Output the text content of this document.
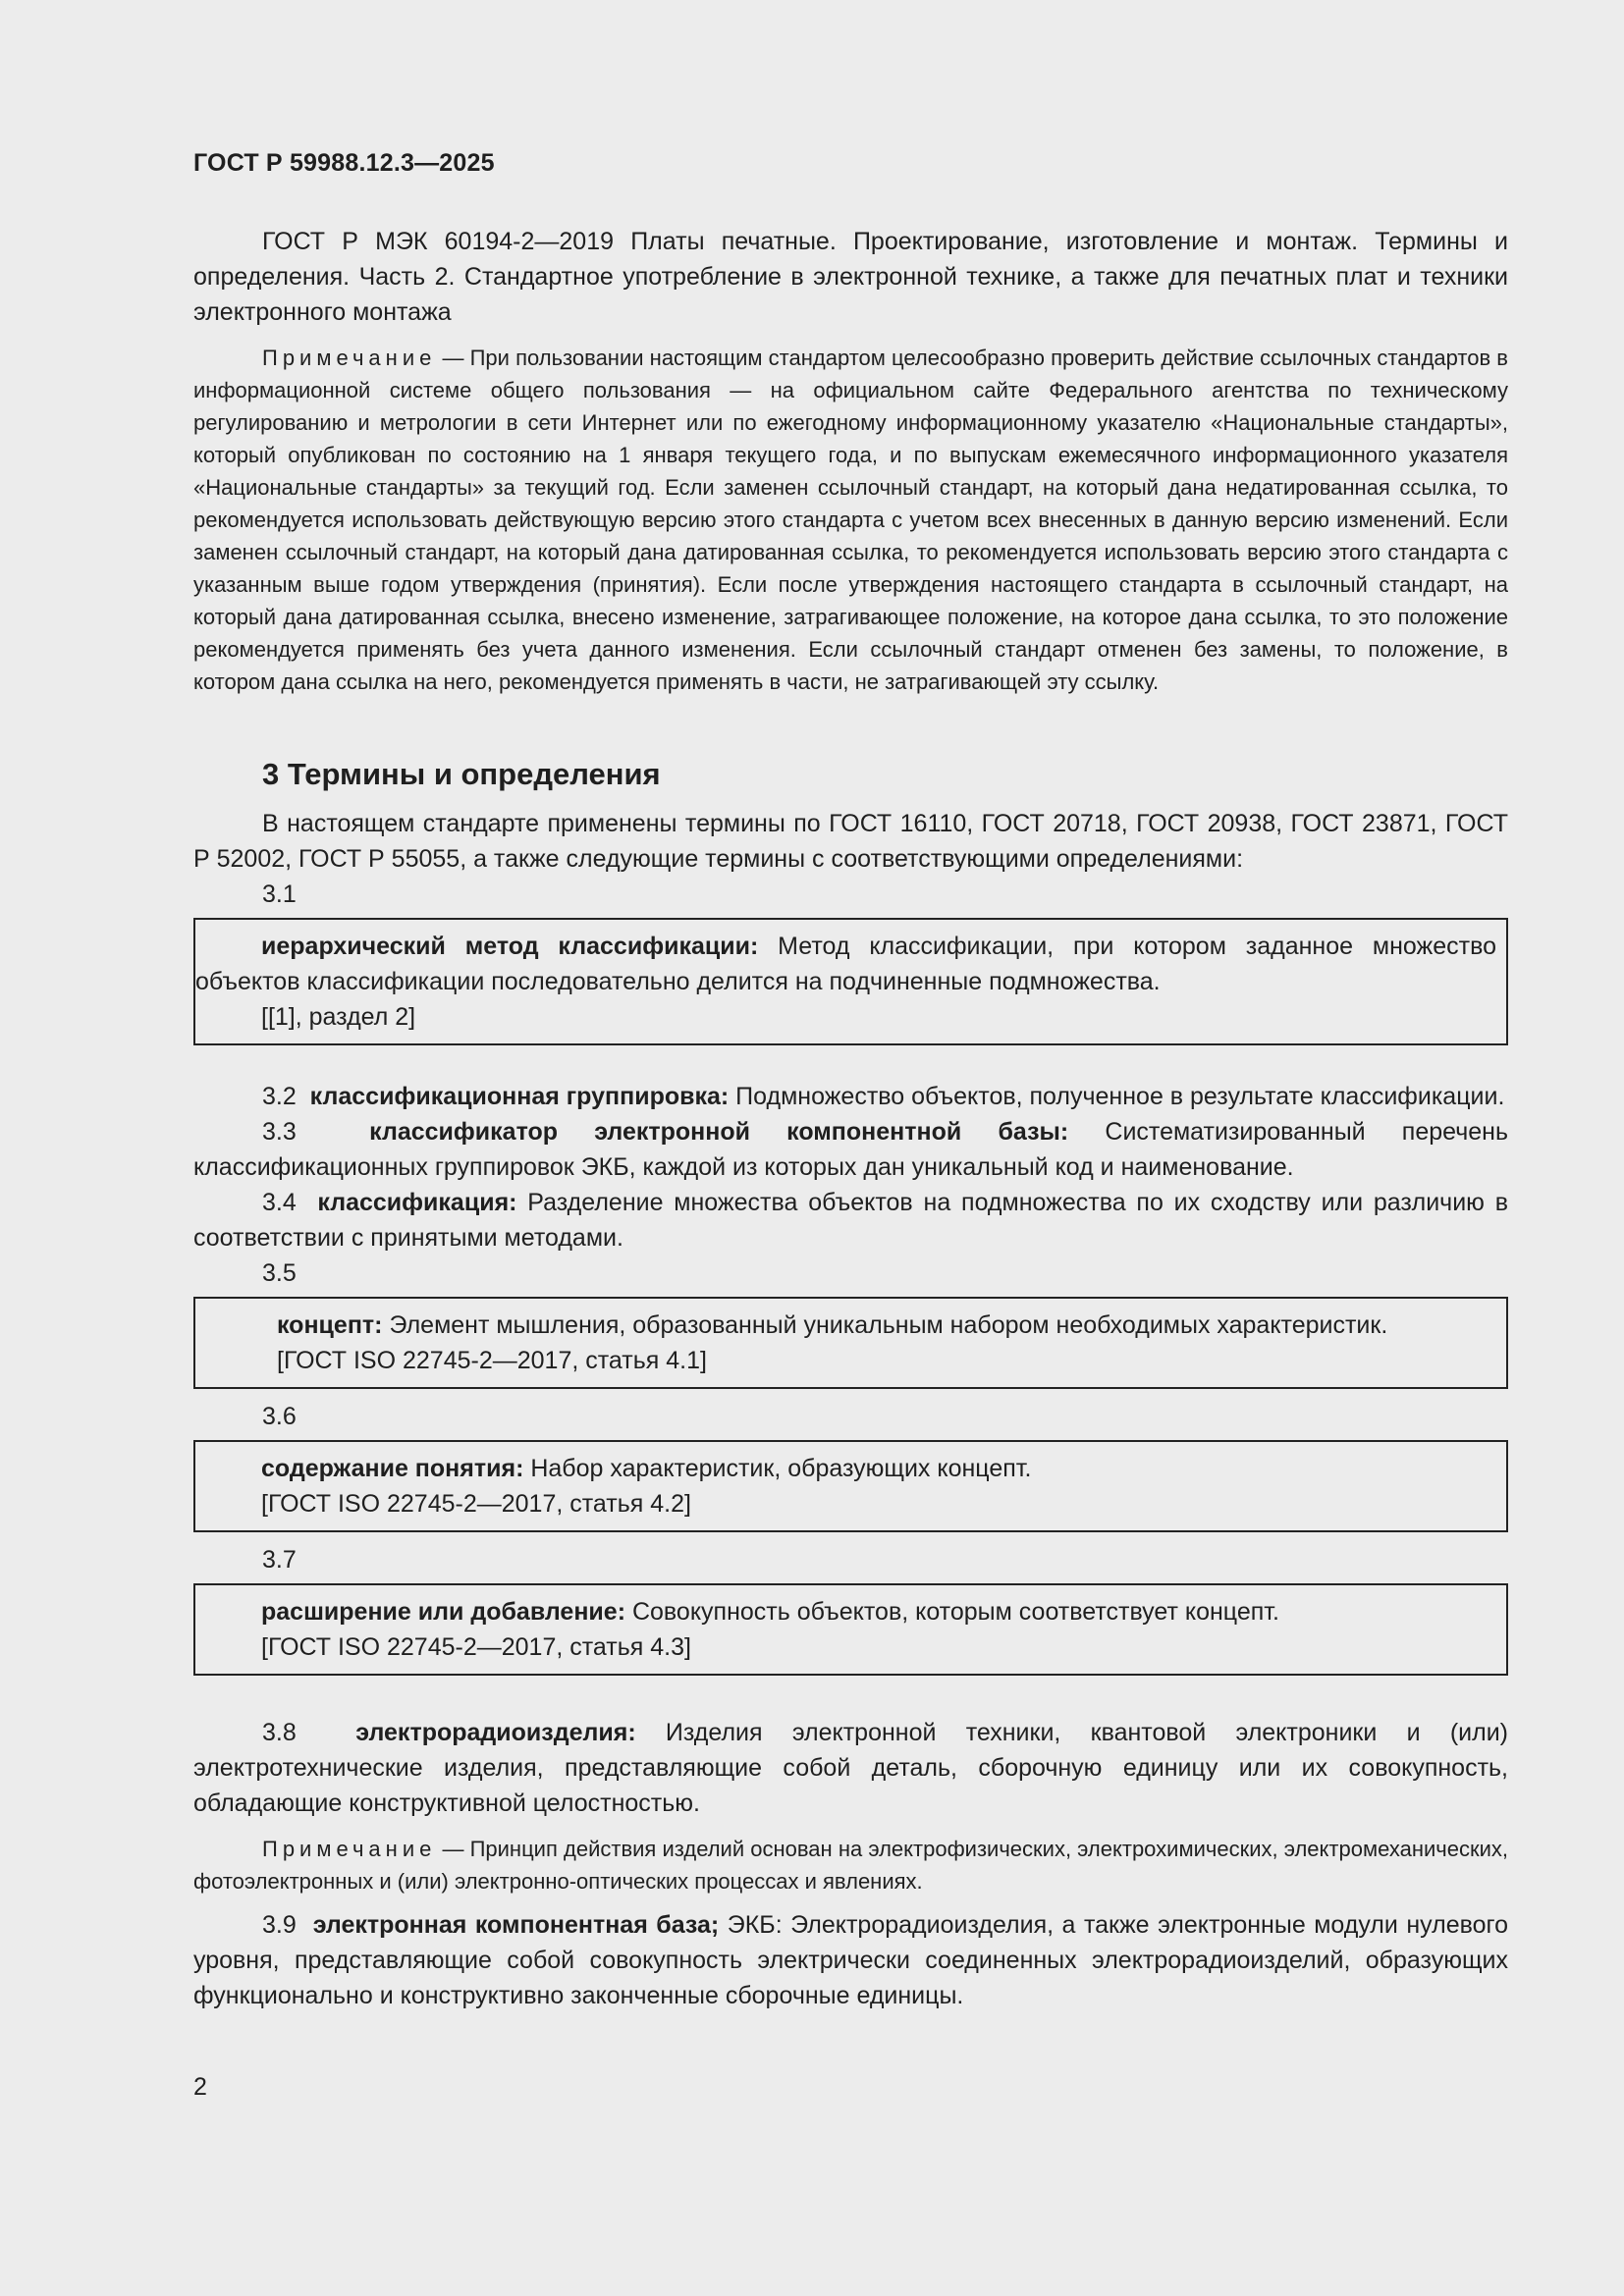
ГОСТ Р 59988.12.3—2025

ГОСТ Р МЭК 60194-2—2019 Платы печатные. Проектирование, изготовление и монтаж. Термины и определения. Часть 2. Стандартное употребление в электронной технике, а также для печатных плат и техники электронного монтажа

Примечание — При пользовании настоящим стандартом целесообразно проверить действие ссылочных стандартов в информационной системе общего пользования — на официальном сайте Федерального агентства по техническому регулированию и метрологии в сети Интернет или по ежегодному информационному указателю «Национальные стандарты», который опубликован по состоянию на 1 января текущего года, и по выпускам ежемесячного информационного указателя «Национальные стандарты» за текущий год. Если заменен ссылочный стандарт, на который дана недатированная ссылка, то рекомендуется использовать действующую версию этого стандарта с учетом всех внесенных в данную версию изменений. Если заменен ссылочный стандарт, на который дана датированная ссылка, то рекомендуется использовать версию этого стандарта с указанным выше годом утверждения (принятия). Если после утверждения настоящего стандарта в ссылочный стандарт, на который дана датированная ссылка, внесено изменение, затрагивающее положение, на которое дана ссылка, то это положение рекомендуется применять без учета данного изменения. Если ссылочный стандарт отменен без замены, то положение, в котором дана ссылка на него, рекомендуется применять в части, не затрагивающей эту ссылку.

3 Термины и определения

В настоящем стандарте применены термины по ГОСТ 16110, ГОСТ 20718, ГОСТ 20938, ГОСТ 23871, ГОСТ Р 52002, ГОСТ Р 55055, а также следующие термины с соответствующими определениями:

3.1

иерархический метод классификации: Метод классификации, при котором заданное множество объектов классификации последовательно делится на подчиненные подмножества.

[[1], раздел 2]

3.2 классификационная группировка: Подмножество объектов, полученное в результате классификации.

3.3	классификатор электронной компонентной базы: Систематизированный перечень классификационных группировок ЭКБ, каждой из которых дан уникальный код и наименование.

3.4 классификация: Разделение множества объектов на подмножества по их сходству или различию в соответствии с принятыми методами.

3.5
концепт: Элемент мышления, образованный уникальным набором необходимых характеристик.
[ГОСТ ISO 22745-2—2017, статья 4.1]
3.6
содержание понятия: Набор характеристик, образующих концепт.
[ГОСТ ISO 22745-2—2017, статья 4.2]
3.7
расширение или добавление: Совокупность объектов, которым соответствует концепт.
[ГОСТ ISO 22745-2—2017, статья 4.3]

3.8 электрорадиоизделия: Изделия электронной техники, квантовой электроники и (или) электротехнические изделия, представляющие собой деталь, сборочную единицу или их совокупность, обладающие конструктивной целостностью.

Примечание — Принцип действия изделий основан на электрофизических, электрохимических, электромеханических, фотоэлектронных и (или) электронно-оптических процессах и явлениях.

3.9 электронная компонентная база; ЭКБ: Электрорадиоизделия, а также электронные модули нулевого уровня, представляющие собой совокупность электрически соединенных электрорадиоизделий, образующих функционально и конструктивно законченные сборочные единицы.

2
